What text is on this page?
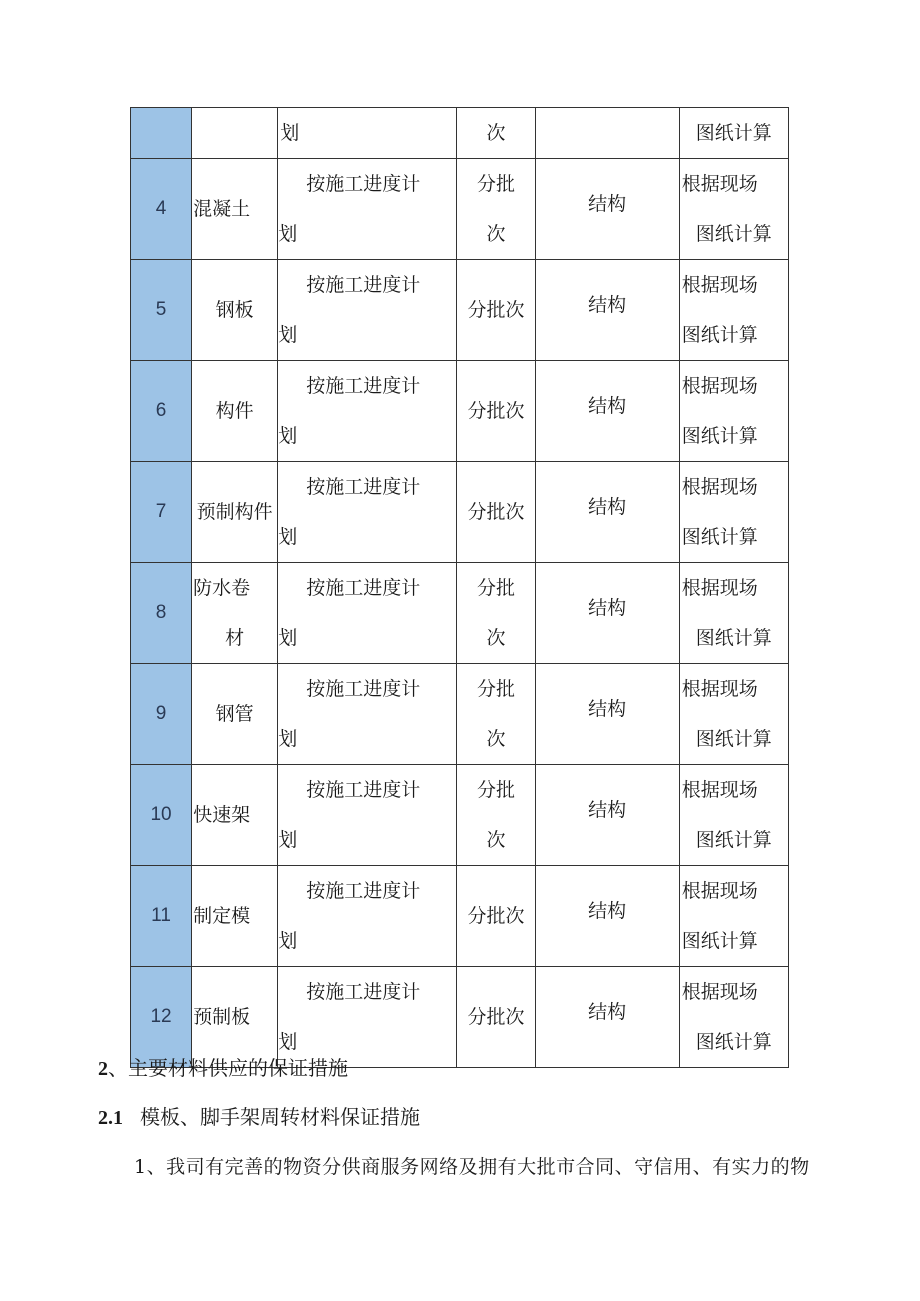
		划	次		图纸计算
4	混凝土	按施工进度计
划	分批
次	结构	根据现场
图纸计算

5	钢板	按施工进度计
划	分批次	结构	根据现场
图纸计算

6	构件	按施工进度计
划	分批次	结构	根据现场
图纸计算

7	预制构件	按施工进度计
划	分批次	结构	根据现场
图纸计算

8	防水卷
材	按施工进度计
划	分批
次	结构	根据现场
图纸计算

9	钢管	按施工进度计
划	分批
次	结构	根据现场
图纸计算

10	快速架	按施工进度计
划	分批
次	结构	根据现场
图纸计算

11	制定模	按施工进度计
划	分批次	结构	根据现场
图纸计算

12	预制板	按施工进度计
划	分批次	结构	根据现场
图纸计算
2、主要材料供应的保证措施
2.1 模板、脚手架周转材料保证措施
1、我司有完善的物资分供商服务网络及拥有大批市合同、守信用、有实力的物
